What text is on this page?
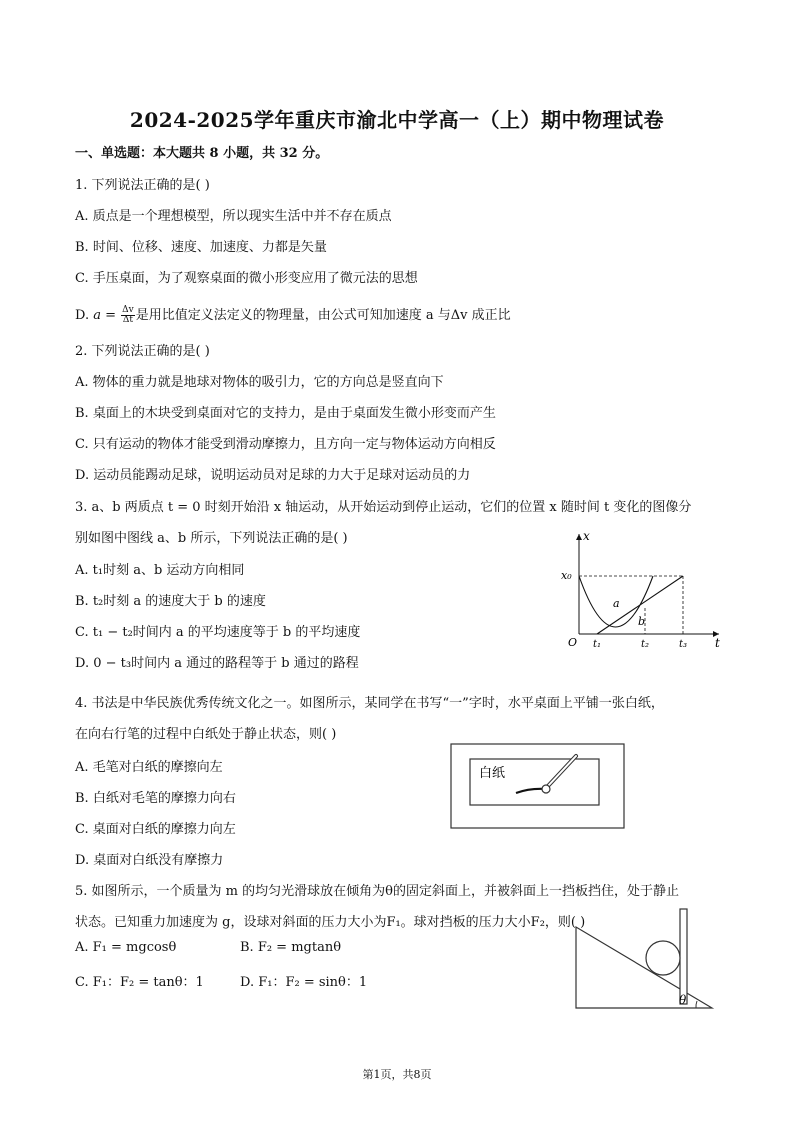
2024-2025学年重庆市渝北中学高一（上）期中物理试卷
一、单选题：本大题共 8 小题，共 32 分。
1. 下列说法正确的是( )
A. 质点是一个理想模型，所以现实生活中并不存在质点
B. 时间、位移、速度、加速度、力都是矢量
C. 手压桌面，为了观察桌面的微小形变应用了微元法的思想
D. $a = \frac{\Delta v}{\Delta t}$ 是用比值定义法定义的物理量，由公式可知加速度 a 与Δv 成正比
2. 下列说法正确的是( )
A. 物体的重力就是地球对物体的吸引力，它的方向总是竖直向下
B. 桌面上的木块受到桌面对它的支持力，是由于桌面发生微小形变而产生
C. 只有运动的物体才能受到滑动摩擦力，且方向一定与物体运动方向相反
D. 运动员能踢动足球，说明运动员对足球的力大于足球对运动员的力
3. a、b 两质点 t = 0 时刻开始沿 x 轴运动，从开始运动到停止运动，它们的位置 x 随时间 t 变化的图像分
别如图中图线 a、b 所示，下列说法正确的是( )
A. t₁时刻 a、b 运动方向相同
B. t₂时刻 a 的速度大于 b 的速度
C. t₁ − t₂时间内 a 的平均速度等于 b 的平均速度
D. 0 − t₃时间内 a 通过的路程等于 b 通过的路程
x
t
O
x₀
a
b
t₁	t₂	t₃
4. 书法是中华民族优秀传统文化之一。如图所示，某同学在书写“一”字时，水平桌面上平铺一张白纸，
在向右行笔的过程中白纸处于静止状态，则( )
A. 毛笔对白纸的摩擦向左
B. 白纸对毛笔的摩擦力向右
C. 桌面对白纸的摩擦力向左
D. 桌面对白纸没有摩擦力
白纸
5. 如图所示，一个质量为 m 的均匀光滑球放在倾角为θ的固定斜面上，并被斜面上一挡板挡住，处于静止
状态。已知重力加速度为 g，设球对斜面的压力大小为F₁。球对挡板的压力大小F₂，则( )
A. F₁ = mgcosθ	B. F₂ = mgtanθ
C. F₁：F₂ = tanθ：1	D. F₁：F₂ = sinθ：1
θ
第1页，共8页
